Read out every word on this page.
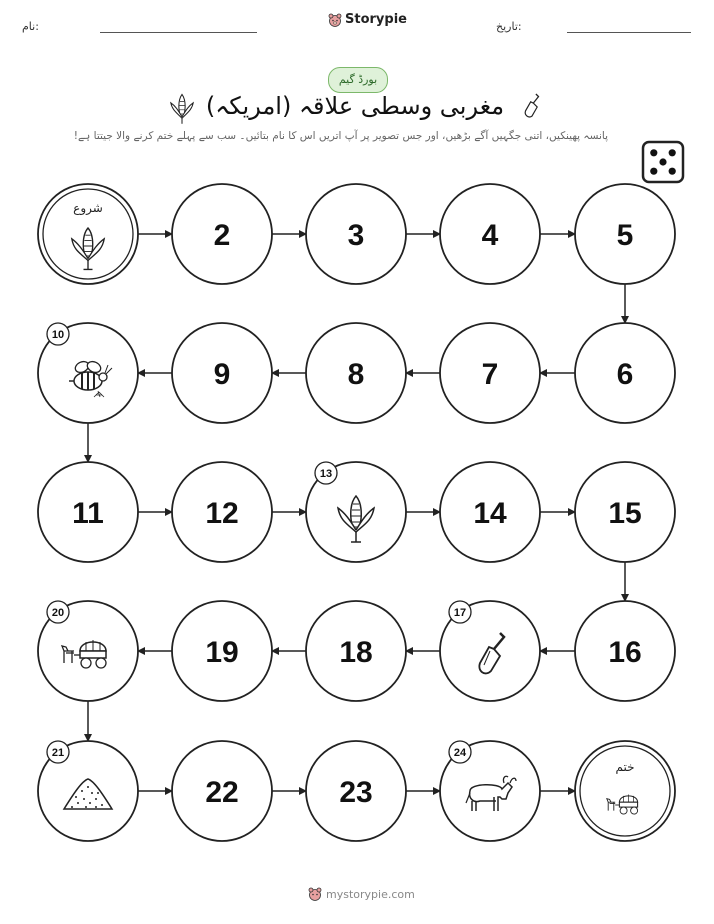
نام:	Storypie	تاریخ:
بورڈ گیم
مغربی وسطی علاقہ (امریکہ)
پانسہ پھینکیں، اتنی جگہیں آگے بڑھیں، اور جس تصویر پر آپ اتریں اس کا نام بتائیں۔ سب سے پہلے ختم کرنے والا جیتتا ہے!
شروع
2	3	4	5
6
7
8
9
10
11	12
13
14	15
16
17
18
19
20
21
22	23
24
ختم
mystorypie.com
